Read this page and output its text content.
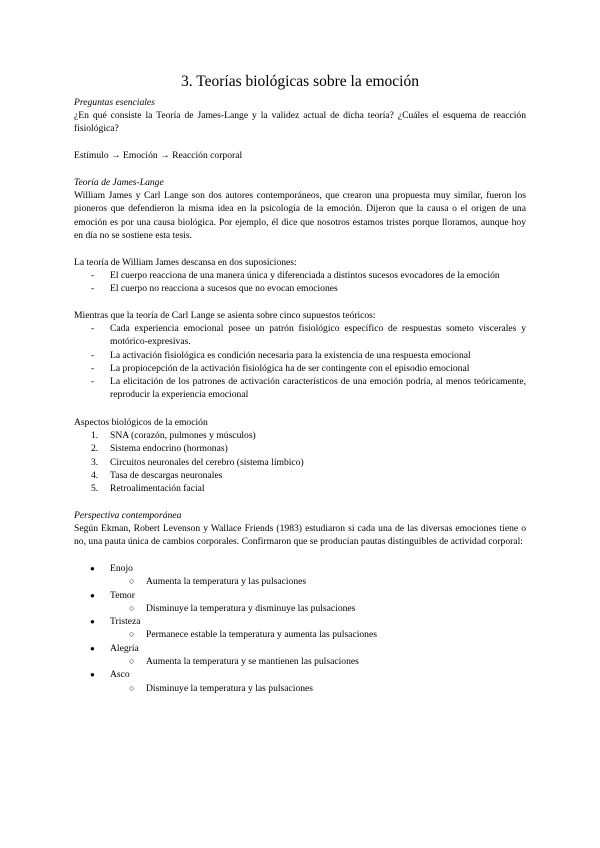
3. Teorías biológicas sobre la emoción

Preguntas esenciales

¿En qué consiste la Teoría de James-Lange y la validez actual de dicha teoría? ¿Cuáles el esquema de reacción fisiológica?

Estímulo → Emoción → Reacción corporal

Teoría de James-Lange

William James y Carl Lange son dos autores contemporáneos, que crearon una propuesta muy similar, fueron los pioneros que defendieron la misma idea en la psicología de la emoción. Dijeron que la causa o el origen de una emoción es por una causa biológica. Por ejemplo, él dice que nosotros estamos tristes porque lloramos, aunque hoy en día no se sostiene esta tesis.

La teoría de William James descansa en dos suposiciones:

- El cuerpo reacciona de una manera única y diferenciada a distintos sucesos evocadores de la emoción
- El cuerpo no reacciona a sucesos que no evocan emociones

Mientras que la teoría de Carl Lange se asienta sobre cinco supuestos teóricos:

- Cada experiencia emocional posee un patrón fisiológico específico de respuestas someto viscerales y motórico-expresivas.
- La activación fisiológica es condición necesaria para la existencia de una respuesta emocional
- La propiocepción de la activación fisiológica ha de ser contingente con el episodio emocional
- La elicitación de los patrones de activación característicos de una emoción podría, al menos teóricamente, reproducir la experiencia emocional

Aspectos biológicos de la emoción

1. SNA (corazón, pulmones y músculos)
2. Sistema endocrino (hormonas)
3. Circuitos neuronales del cerebro (sistema límbico)
4. Tasa de descargas neuronales
5. Retroalimentación facial

Perspectiva contemporánea

Según Ekman, Robert Levenson y Wallace Friends (1983) estudiaron si cada una de las diversas emociones tiene o no, una pauta única de cambios corporales. Confirmaron que se producían pautas distinguibles de actividad corporal:

● Enojo
○ Aumenta la temperatura y las pulsaciones
● Temor
○ Disminuye la temperatura y disminuye las pulsaciones
● Tristeza
○ Permanece estable la temperatura y aumenta las pulsaciones
● Alegría
○ Aumenta la temperatura y se mantienen las pulsaciones
● Asco
○ Disminuye la temperatura y las pulsaciones
